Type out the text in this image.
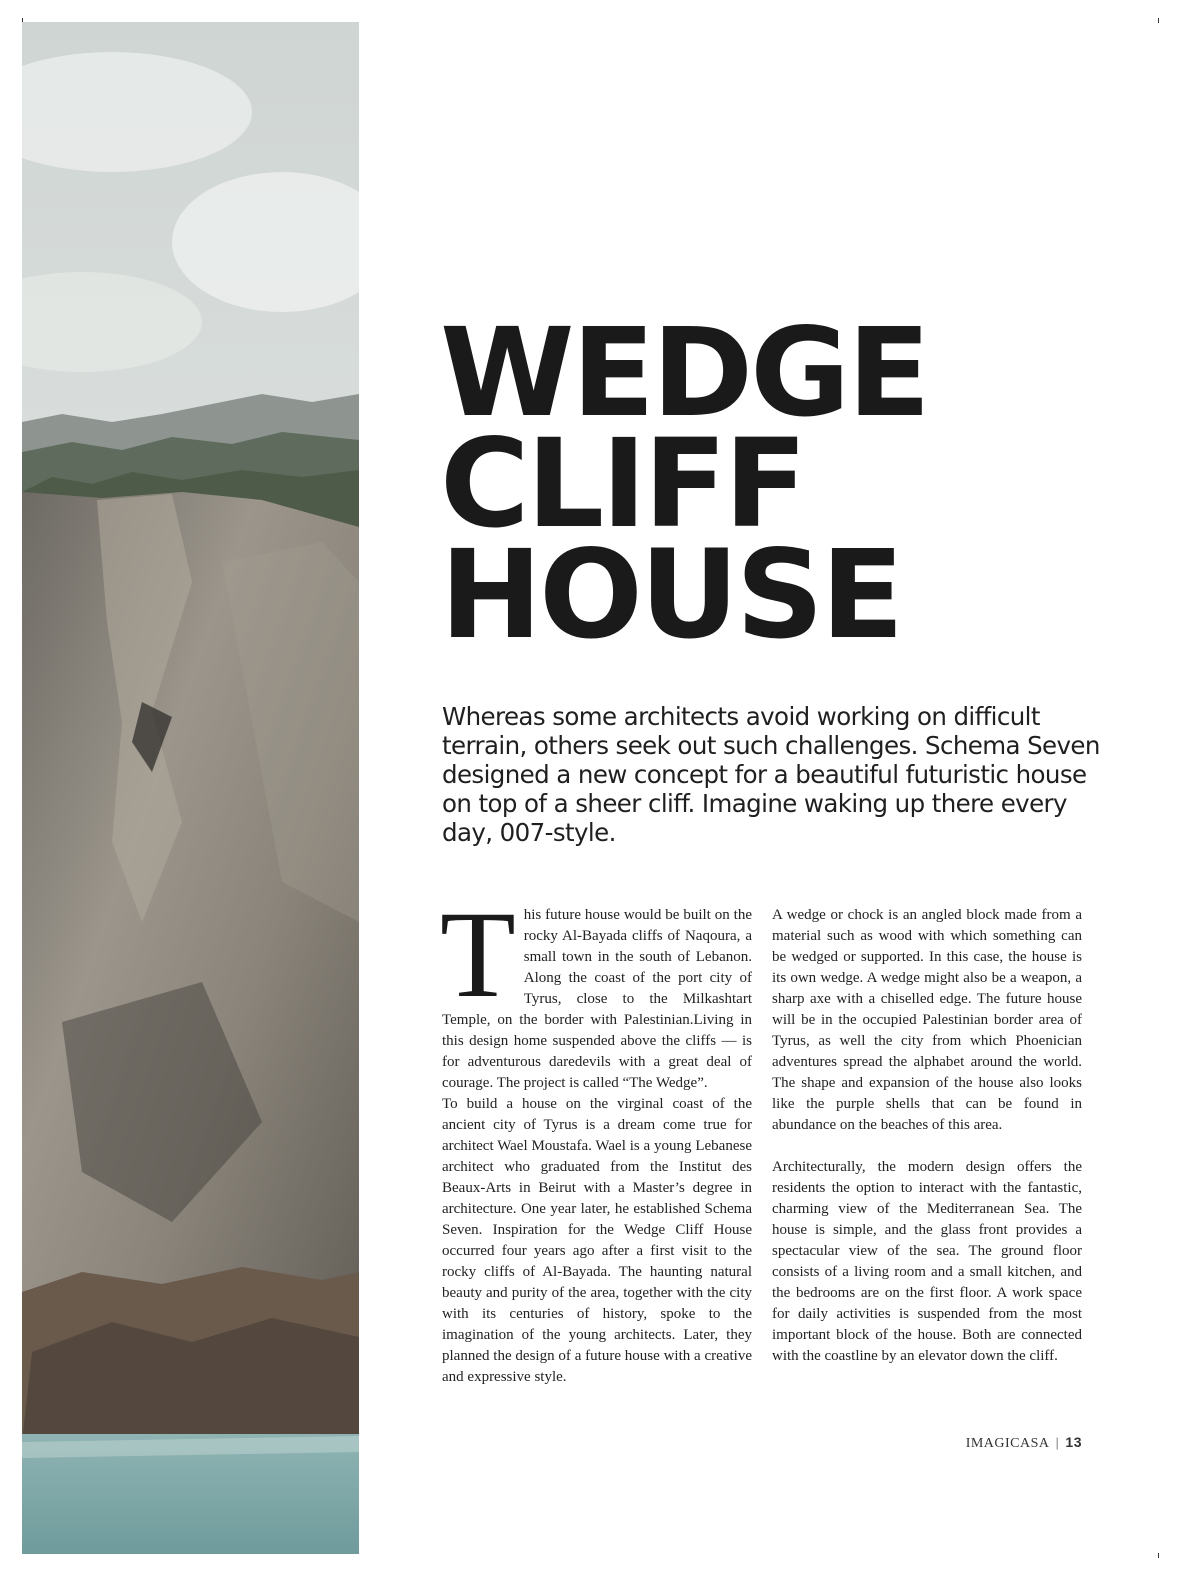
WEDGE
CLIFF
HOUSE

Whereas some architects avoid working on difficult terrain, others seek out such challenges. Schema Seven designed a new concept for a beautiful futuristic house on top of a sheer cliff. Imagine waking up there every day, 007-style.

T his future house would be built on the rocky Al-Bayada cliffs of Naqoura, a small town in the south of Lebanon. Along the coast of the port city of Tyrus, close to the Milkashtart Temple, on the border with Palestinian.Living in this design home suspended above the cliffs — is for adventurous daredevils with a great deal of courage. The project is called “The Wedge”.

To build a house on the virginal coast of the ancient city of Tyrus is a dream come true for architect Wael Moustafa. Wael is a young Lebanese architect who graduated from the Institut des Beaux-Arts in Beirut with a Master’s degree in architecture. One year later, he established Schema Seven. Inspiration for the Wedge Cliff House occurred four years ago after a first visit to the rocky cliffs of Al-Bayada. The haunting natural beauty and purity of the area, together with the city with its centuries of history, spoke to the imagination of the young architects. Later, they planned the design of a future house with a creative and expressive style.

A wedge or chock is an angled block made from a material such as wood with which something can be wedged or supported. In this case, the house is its own wedge. A wedge might also be a weapon, a sharp axe with a chiselled edge. The future house will be in the occupied Palestinian border area of Tyrus, as well the city from which Phoenician adventures spread the alphabet around the world. The shape and expansion of the house also looks like the purple shells that can be found in abundance on the beaches of this area.

Architecturally, the modern design offers the residents the option to interact with the fantastic, charming view of the Mediterranean Sea. The house is simple, and the glass front provides a spectacular view of the sea. The ground floor consists of a living room and a small kitchen, and the bedrooms are on the first floor. A work space for daily activities is suspended from the most important block of the house. Both are connected with the coastline by an elevator down the cliff.

IMAGICASA | 13
